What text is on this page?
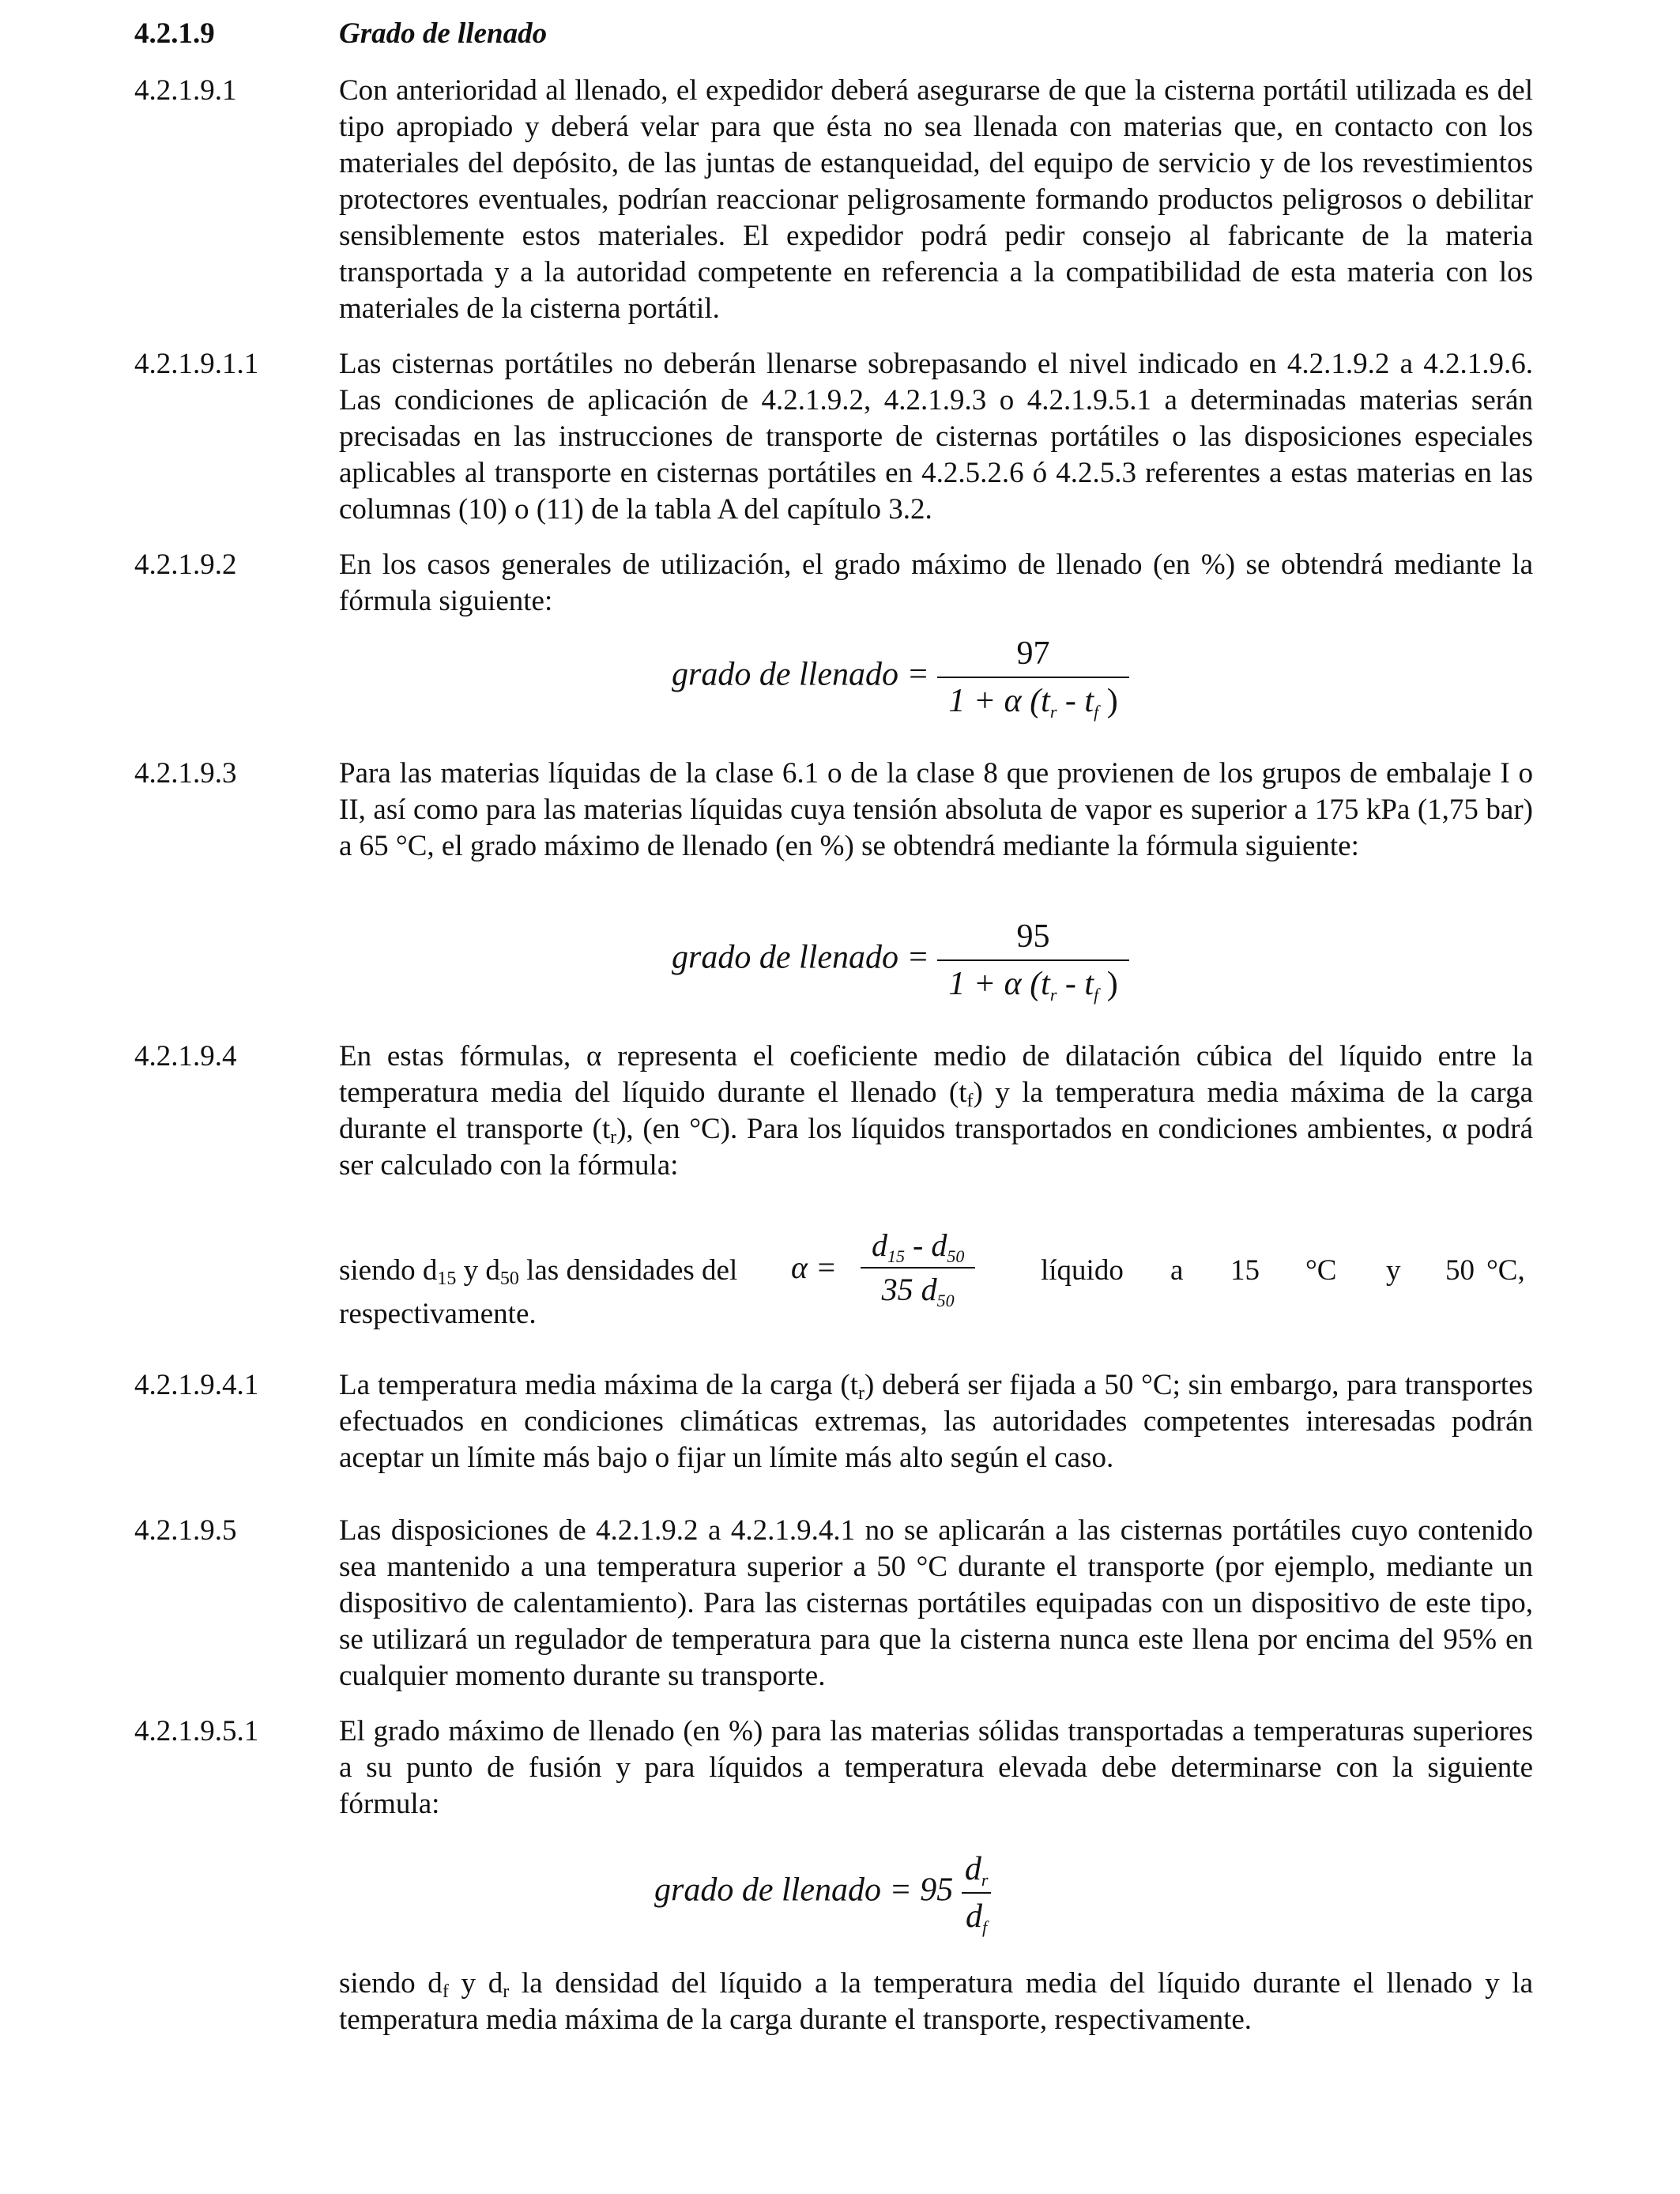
4.2.1.9	Grado de llenado
4.2.1.9.1	Con anterioridad al llenado, el expedidor deberá asegurarse de que la cisterna portátil utilizada es del tipo apropiado y deberá velar para que ésta no sea llenada con materias que, en contacto con los materiales del depósito, de las juntas de estanqueidad, del equipo de servicio y de los revestimientos protectores eventuales, podrían reaccionar peligrosamente formando productos peligrosos o debilitar sensiblemente estos materiales. El expedidor podrá pedir consejo al fabricante de la materia transportada y a la autoridad competente en referencia a la compatibilidad de esta materia con los materiales de la cisterna portátil.

4.2.1.9.1.1	Las cisternas portátiles no deberán llenarse sobrepasando el nivel indicado en 4.2.1.9.2 a 4.2.1.9.6. Las condiciones de aplicación de 4.2.1.9.2, 4.2.1.9.3 o 4.2.1.9.5.1 a determinadas materias serán precisadas en las instrucciones de transporte de cisternas portátiles o las disposiciones especiales aplicables al transporte en cisternas portátiles en 4.2.5.2.6 ó 4.2.5.3 referentes a estas materias en las columnas (10) o (11) de la tabla A del capítulo 3.2.

4.2.1.9.2	En los casos generales de utilización, el grado máximo de llenado (en %) se obtendrá mediante la fórmula siguiente:

grado de llenado = $\frac{97}{1 + \alpha (t_r - t_f )}$
4.2.1.9.3	Para las materias líquidas de la clase 6.1 o de la clase 8 que provienen de los grupos de embalaje I o II, así como para las materias líquidas cuya tensión absoluta de vapor es superior a 175 kPa (1,75 bar) a 65 °C, el grado máximo de llenado (en %) se obtendrá mediante la fórmula siguiente:

grado de llenado = $\frac{95}{1 + \alpha (t_r - t_f )}$
4.2.1.9.4	En estas fórmulas, α representa el coeficiente medio de dilatación cúbica del líquido entre la temperatura media del líquido durante el llenado $(t_f)$ y la temperatura media máxima de la carga durante el transporte $(t_r)$, (en °C). Para los líquidos transportados en condiciones ambientes, α podrá ser calculado con la fórmula:

siendo $d_{15}$ y $d_{50}$ las densidades del $\alpha = \frac{d_{15} - d_{50}}{35 d_{50}}$ líquido a 15 °C y 50 °C,
respectivamente.
4.2.1.9.4.1	La temperatura media máxima de la carga $(t_r)$ deberá ser fijada a 50 °C; sin embargo, para transportes efectuados en condiciones climáticas extremas, las autoridades competentes interesadas podrán aceptar un límite más bajo o fijar un límite más alto según el caso.

4.2.1.9.5	Las disposiciones de 4.2.1.9.2 a 4.2.1.9.4.1 no se aplicarán a las cisternas portátiles cuyo contenido sea mantenido a una temperatura superior a 50 °C durante el transporte (por ejemplo, mediante un dispositivo de calentamiento). Para las cisternas portátiles equipadas con un dispositivo de este tipo, se utilizará un regulador de temperatura para que la cisterna nunca este llena por encima del 95% en cualquier momento durante su transporte.

4.2.1.9.5.1	El grado máximo de llenado (en %) para las materias sólidas transportadas a temperaturas superiores a su punto de fusión y para líquidos a temperatura elevada debe determinarse con la siguiente fórmula:

grado de llenado = $95 \frac{d_r}{d_f}$

siendo $d_f$ y $d_r$ la densidad del líquido a la temperatura media del líquido durante el llenado y la temperatura media máxima de la carga durante el transporte, respectivamente.
